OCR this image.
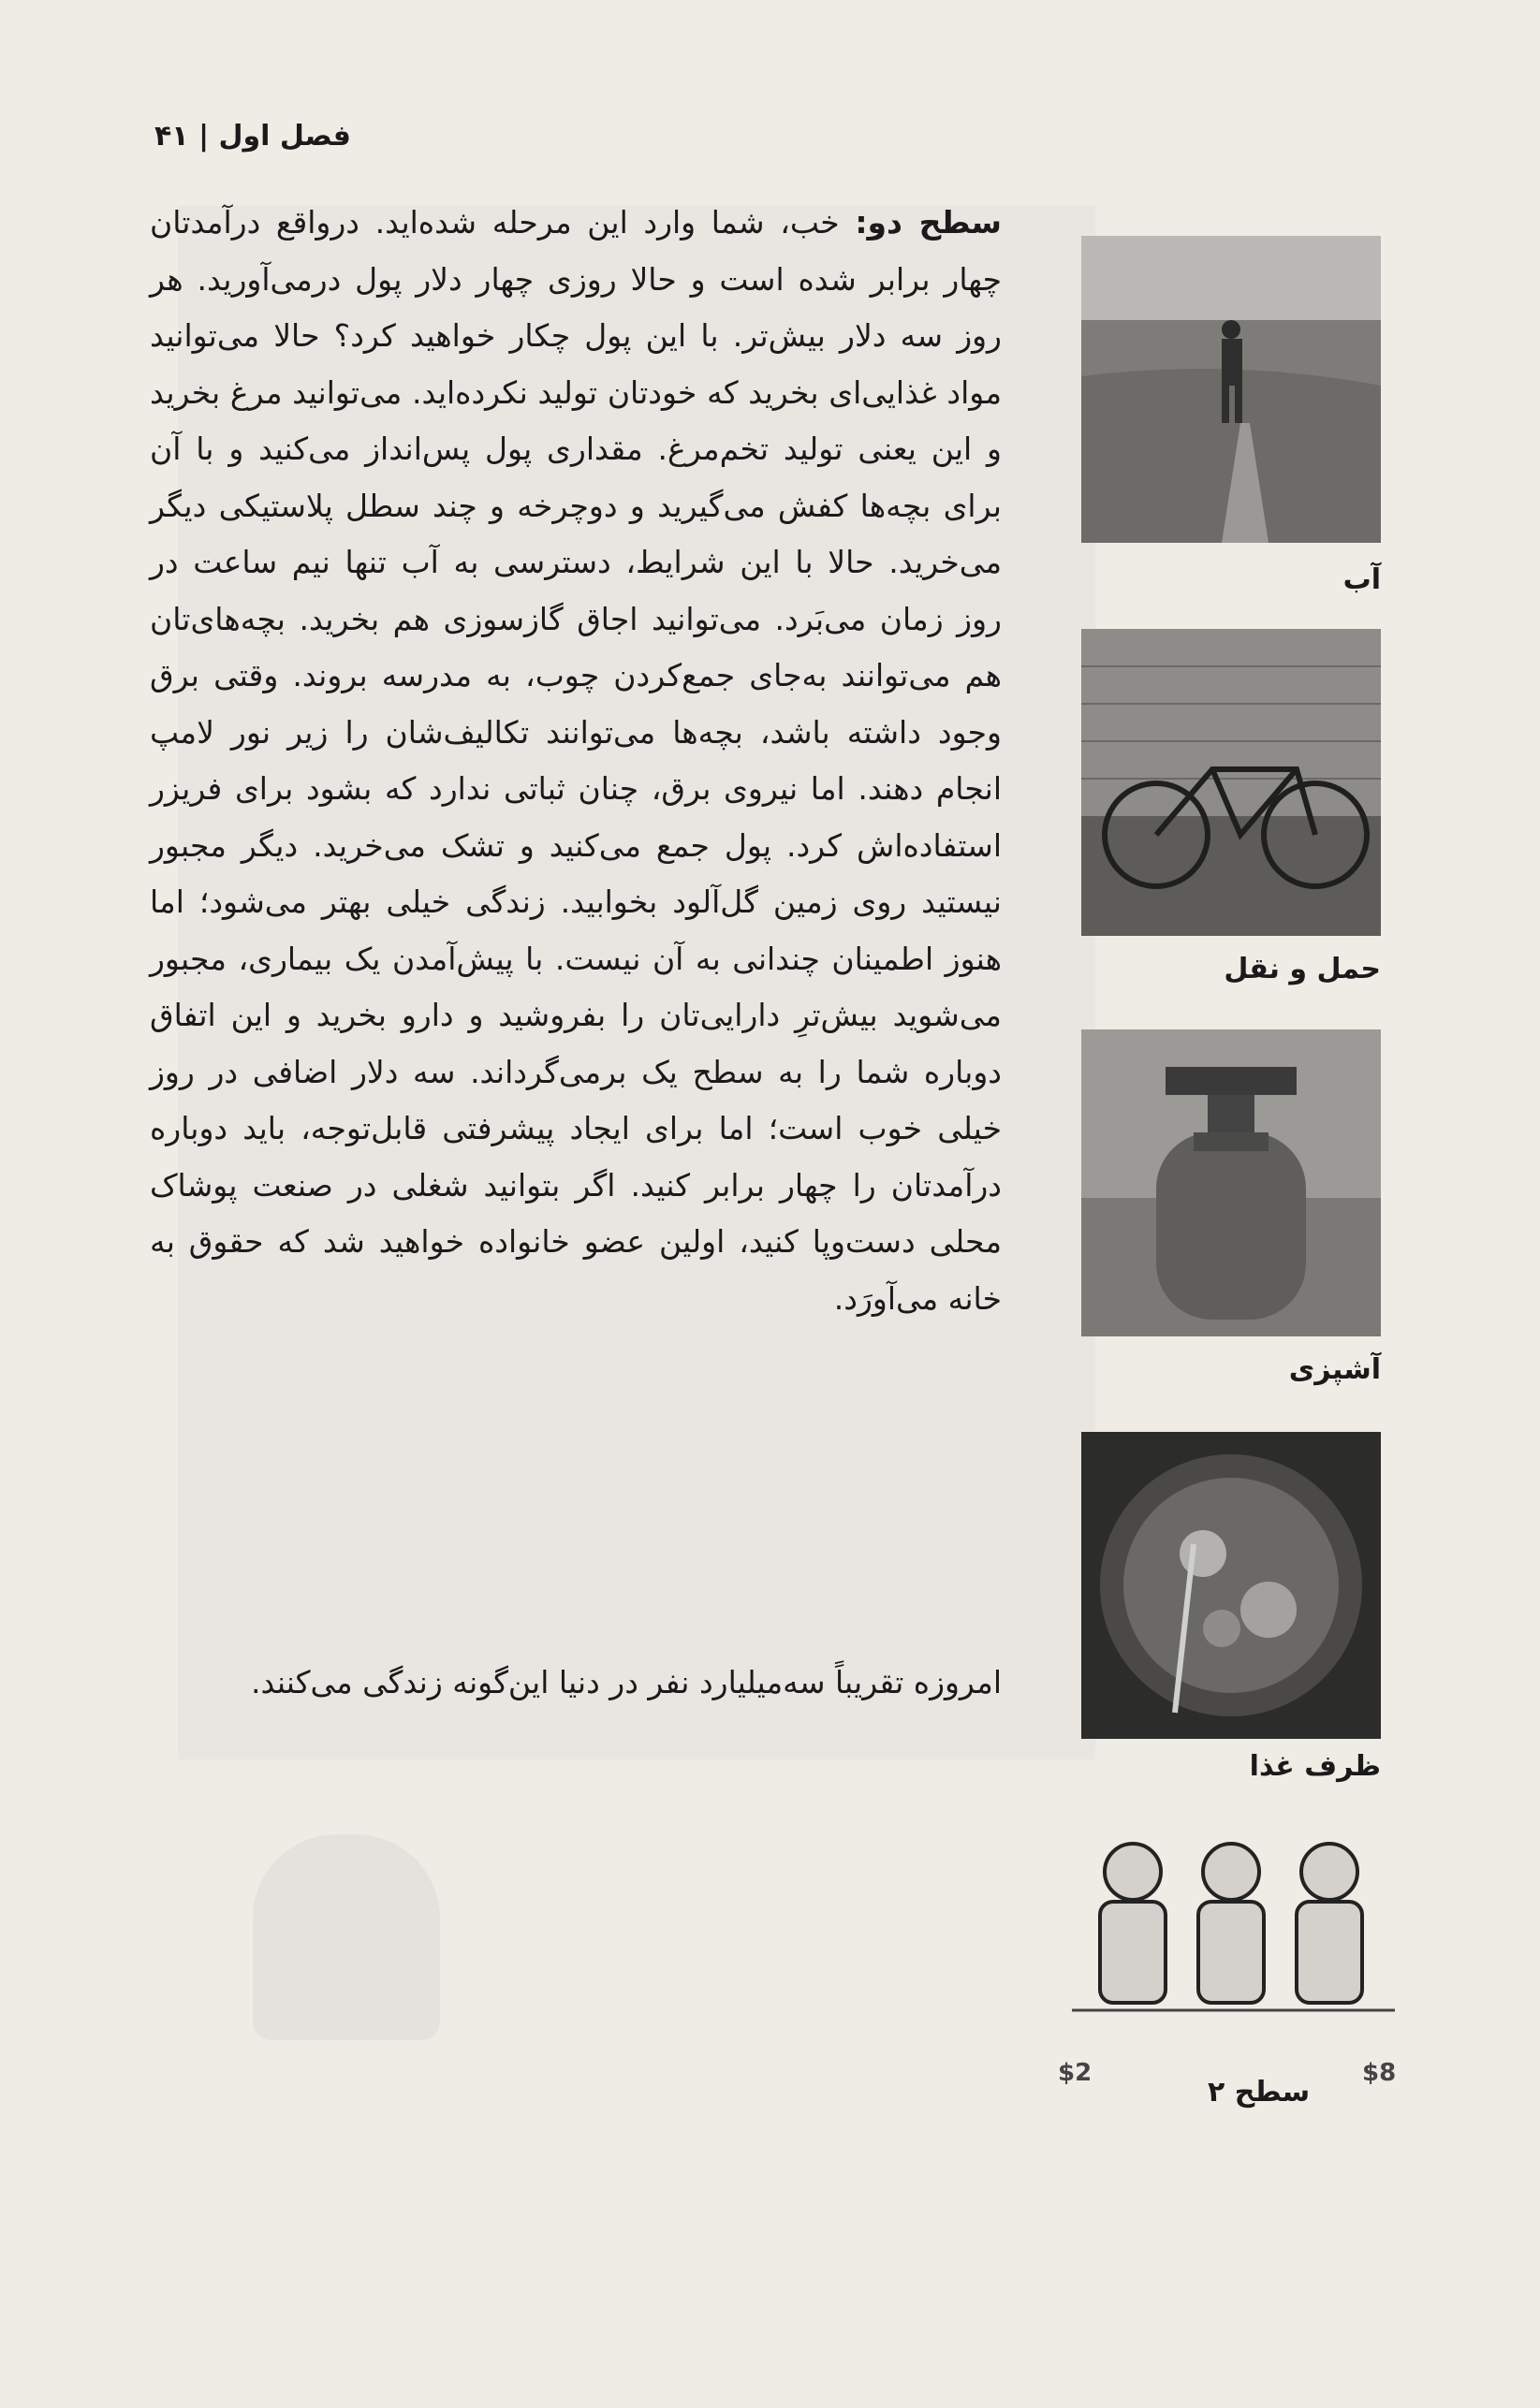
فصل اول | ۴۱
سطح دو: خب، شما وارد این مرحله شده‌اید. درواقع درآمدتان چهار برابر شده است و حالا روزی چهار دلار پول درمی‌آورید. هر روز سه دلار بیش‌تر. با این پول چکار خواهید کرد؟ حالا می‌توانید مواد غذایی‌ای بخرید که خودتان تولید نکرده‌اید. می‌توانید مرغ بخرید و این یعنی تولید تخم‌مرغ. مقداری پول پس‌انداز می‌کنید و با آن برای بچه‌ها کفش می‌گیرید و دوچرخه و چند سطل پلاستیکی دیگر می‌خرید. حالا با این شرایط، دسترسی به آب تنها نیم ساعت در روز زمان می‌بَرد. می‌توانید اجاق گازسوزی هم بخرید. بچه‌های‌تان هم می‌توانند به‌جای جمع‌کردن چوب، به مدرسه بروند. وقتی برق وجود داشته باشد، بچه‌ها می‌توانند تکالیف‌شان را زیر نور لامپ انجام دهند. اما نیروی برق، چنان ثباتی ندارد که بشود برای فریزر استفاده‌اش کرد. پول جمع می‌کنید و تشک می‌خرید. دیگر مجبور نیستید روی زمین گل‌آلود بخوابید. زندگی خیلی بهتر می‌شود؛ اما هنوز اطمینان چندانی به آن نیست. با پیش‌آمدن یک بیماری، مجبور می‌شوید بیش‌ترِ دارایی‌تان را بفروشید و دارو بخرید و این اتفاق دوباره شما را به سطح یک برمی‌گرداند. سه دلار اضافی در روز خیلی خوب است؛ اما برای ایجاد پیشرفتی قابل‌توجه، باید دوباره درآمدتان را چهار برابر کنید. اگر بتوانید شغلی در صنعت پوشاک محلی دست‌وپا کنید، اولین عضو خانواده خواهید شد که حقوق به خانه می‌آورَد.
امروزه تقریباً سه‌میلیارد نفر در دنیا این‌گونه زندگی می‌کنند.
آب
حمل و نقل
آشپزی
ظرف غذا
$2	$8
سطح ۲
